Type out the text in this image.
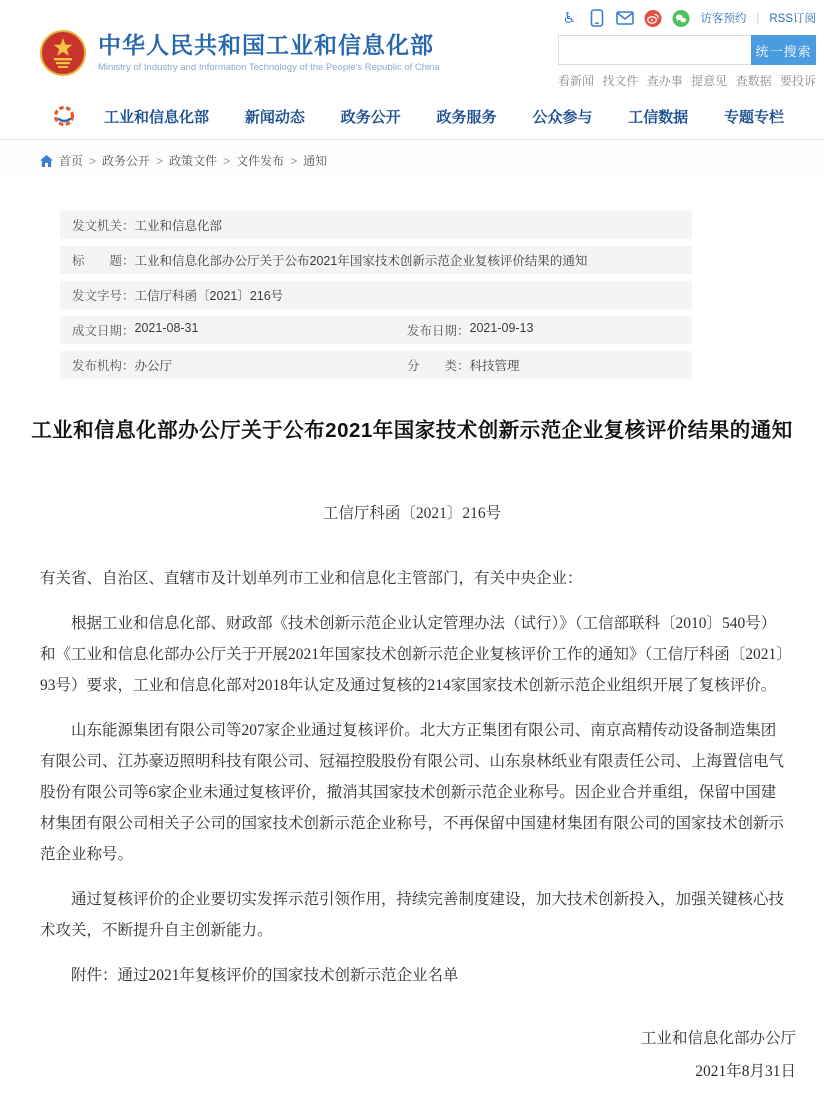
中华人民共和国工业和信息化部
Ministry of Industry and Information Technology of the People's Republic of China
♿	访客预约 | RSS订阅
统一搜索
看新闻 找文件 查办事 提意见 查数据 要投诉
工业和信息化部 新闻动态 政务公开 政务服务 公众参与 工信数据 专题专栏
首页 > 政务公开 > 政策文件 > 文件发布 > 通知
发文机关： 工业和信息化部
标　　题： 工业和信息化部办公厅关于公布2021年国家技术创新示范企业复核评价结果的通知
发文字号： 工信厅科函〔2021〕216号
成文日期： 2021-08-31	发布日期： 2021-09-13
发布机构： 办公厅	分　　类： 科技管理
工业和信息化部办公厅关于公布2021年国家技术创新示范企业复核评价结果的通知
工信厅科函〔2021〕216号

有关省、自治区、直辖市及计划单列市工业和信息化主管部门，有关中央企业：

根据工业和信息化部、财政部《技术创新示范企业认定管理办法（试行）》（工信部联科〔2010〕540号）和《工业和信息化部办公厅关于开展2021年国家技术创新示范企业复核评价工作的通知》（工信厅科函〔2021〕93号）要求，工业和信息化部对2018年认定及通过复核的214家国家技术创新示范企业组织开展了复核评价。

山东能源集团有限公司等207家企业通过复核评价。北大方正集团有限公司、南京高精传动设备制造集团有限公司、江苏豪迈照明科技有限公司、冠福控股股份有限公司、山东泉林纸业有限责任公司、上海置信电气股份有限公司等6家企业未通过复核评价，撤消其国家技术创新示范企业称号。因企业合并重组，保留中国建材集团有限公司相关子公司的国家技术创新示范企业称号，不再保留中国建材集团有限公司的国家技术创新示范企业称号。

通过复核评价的企业要切实发挥示范引领作用，持续完善制度建设，加大技术创新投入，加强关键核心技术攻关，不断提升自主创新能力。

附件：通过2021年复核评价的国家技术创新示范企业名单

工业和信息化部办公厅
2021年8月31日
